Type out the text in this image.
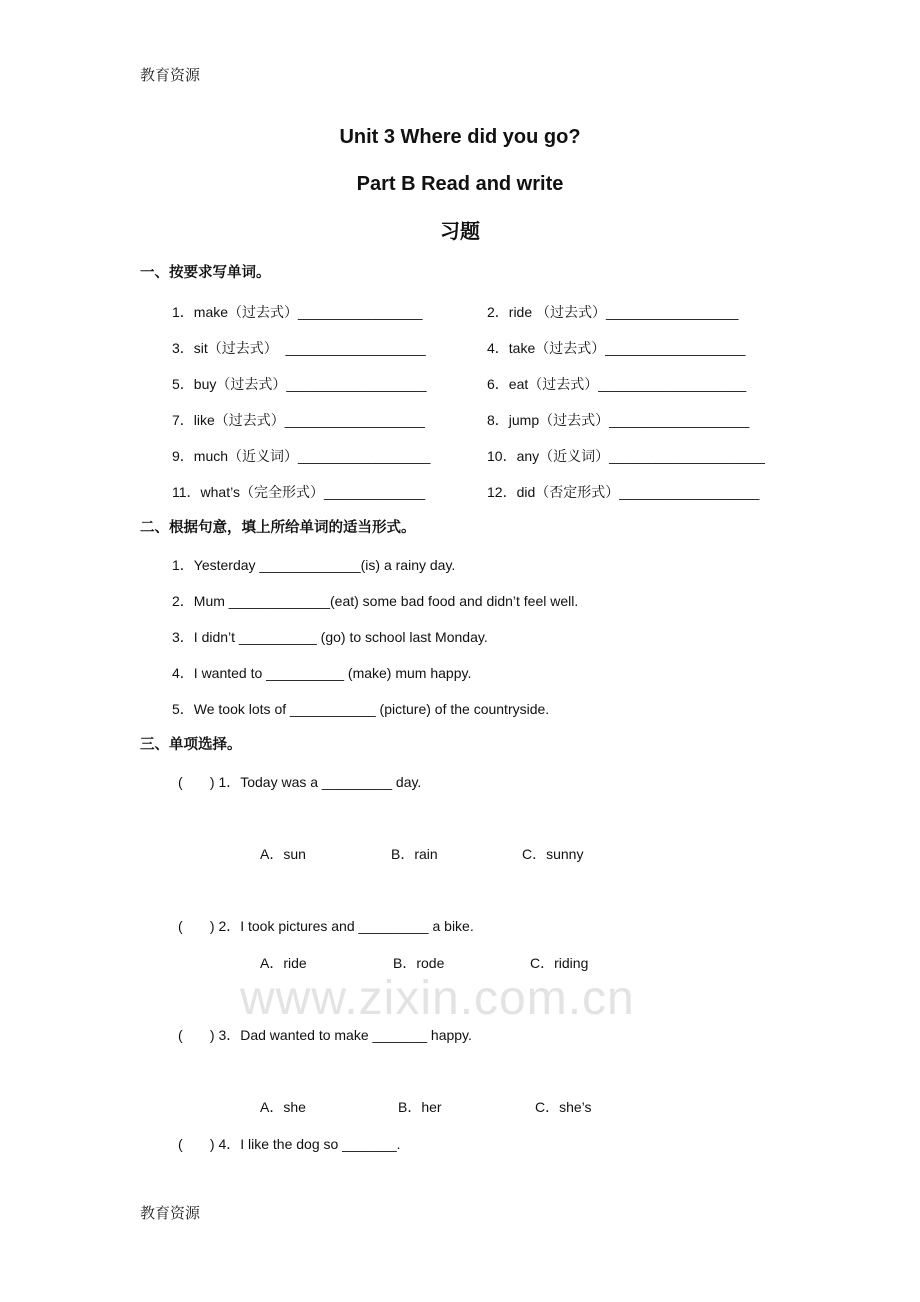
www.zixin.com.cn
教育资源
Unit 3 Where did you go?
Part B Read and write
习题
一、按要求写单词。
二、根据句意，填上所给单词的适当形式。
三、单项选择。
教育资源
1．make（过去式）________________	2．ride （过去式）_________________
3．sit（过去式）  __________________	4．take（过去式）__________________
5．buy（过去式）__________________	6．eat（过去式）___________________
7．like（过去式）__________________	8．jump（过去式）__________________
9．much（近义词）_________________	10．any（近义词）____________________
11．what’s（完全形式）_____________	12．did（否定形式）__________________
1．Yesterday _____________(is) a rainy day.
2．Mum _____________(eat) some bad food and didn’t feel well.
3．I didn’t __________ (go) to school last Monday.
4．I wanted to __________ (make) mum happy.
5．We took lots of ___________ (picture) of the countryside.
(       ) 1．Today was a _________ day.
A．sun	B．rain	C．sunny
(       ) 2．I took pictures and _________ a bike.
A．ride	B．rode	C．riding
(       ) 3．Dad wanted to make _______ happy.
A．she	B．her	C．she’s
(       ) 4．I like the dog so _______.
